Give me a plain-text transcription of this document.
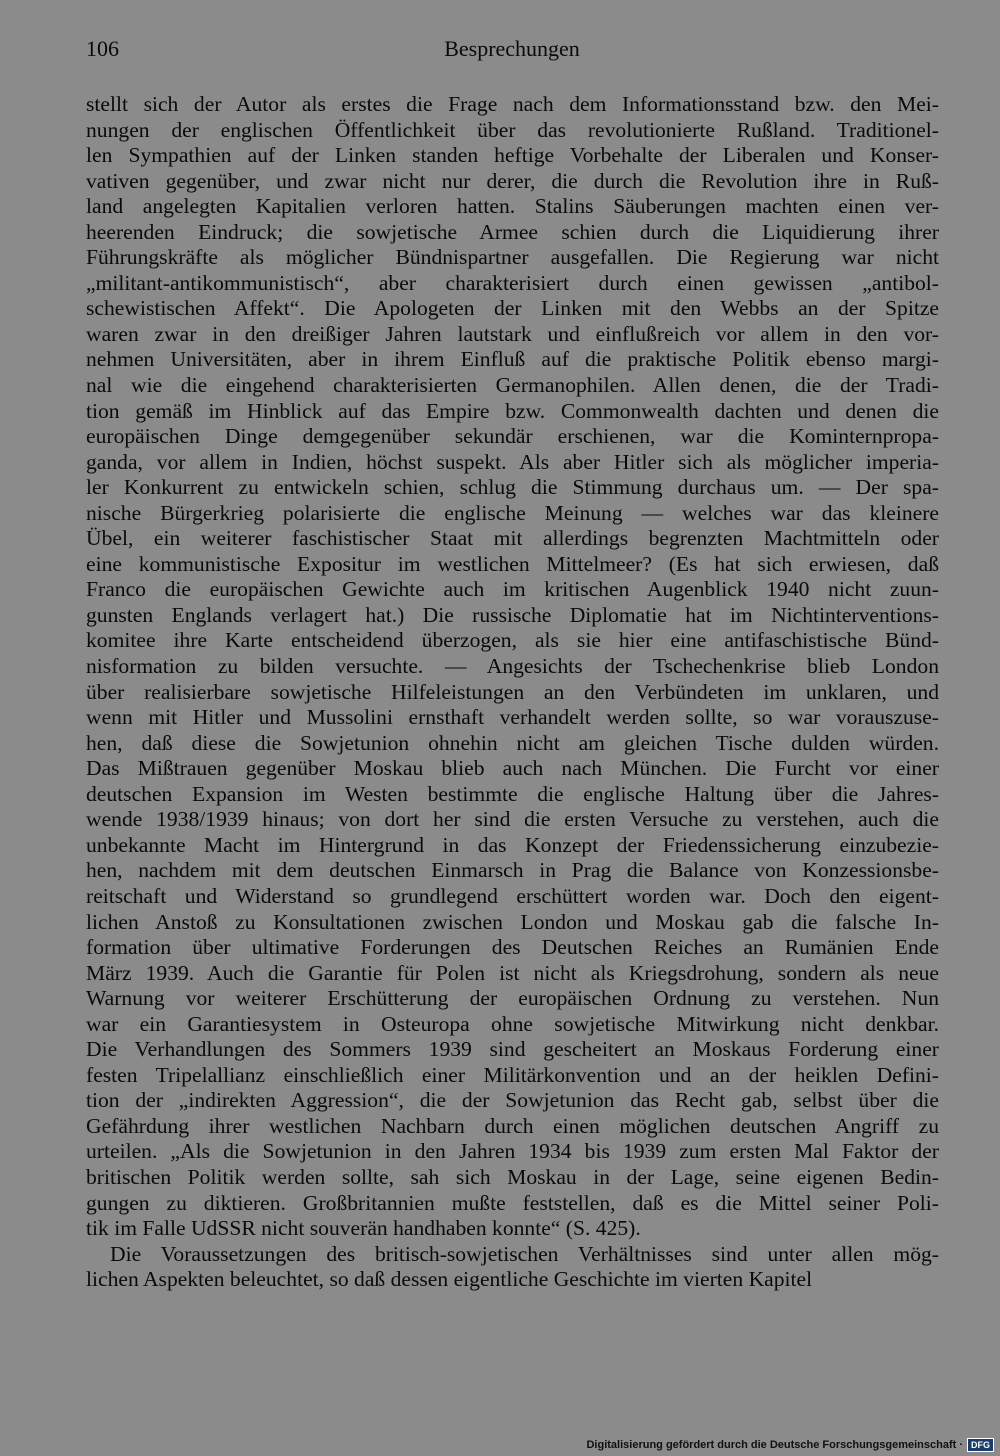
106	Besprechungen
stellt sich der Autor als erstes die Frage nach dem Informationsstand bzw. den Mei-
nungen der englischen Öffentlichkeit über das revolutionierte Rußland. Traditionel-
len Sympathien auf der Linken standen heftige Vorbehalte der Liberalen und Konser-
vativen gegenüber, und zwar nicht nur derer, die durch die Revolution ihre in Ruß-
land angelegten Kapitalien verloren hatten. Stalins Säuberungen machten einen ver-
heerenden Eindruck; die sowjetische Armee schien durch die Liquidierung ihrer
Führungskräfte als möglicher Bündnispartner ausgefallen. Die Regierung war nicht
„militant-antikommunistisch“, aber charakterisiert durch einen gewissen „antibol-
schewistischen Affekt“. Die Apologeten der Linken mit den Webbs an der Spitze
waren zwar in den dreißiger Jahren lautstark und einflußreich vor allem in den vor-
nehmen Universitäten, aber in ihrem Einfluß auf die praktische Politik ebenso margi-
nal wie die eingehend charakterisierten Germanophilen. Allen denen, die der Tradi-
tion gemäß im Hinblick auf das Empire bzw. Commonwealth dachten und denen die
europäischen Dinge demgegenüber sekundär erschienen, war die Kominternpropa-
ganda, vor allem in Indien, höchst suspekt. Als aber Hitler sich als möglicher imperia-
ler Konkurrent zu entwickeln schien, schlug die Stimmung durchaus um. — Der spa-
nische Bürgerkrieg polarisierte die englische Meinung — welches war das kleinere
Übel, ein weiterer faschistischer Staat mit allerdings begrenzten Machtmitteln oder
eine kommunistische Expositur im westlichen Mittelmeer? (Es hat sich erwiesen, daß
Franco die europäischen Gewichte auch im kritischen Augenblick 1940 nicht zuun-
gunsten Englands verlagert hat.) Die russische Diplomatie hat im Nichtinterventions-
komitee ihre Karte entscheidend überzogen, als sie hier eine antifaschistische Bünd-
nisformation zu bilden versuchte. — Angesichts der Tschechenkrise blieb London
über realisierbare sowjetische Hilfeleistungen an den Verbündeten im unklaren, und
wenn mit Hitler und Mussolini ernsthaft verhandelt werden sollte, so war vorauszuse-
hen, daß diese die Sowjetunion ohnehin nicht am gleichen Tische dulden würden.
Das Mißtrauen gegenüber Moskau blieb auch nach München. Die Furcht vor einer
deutschen Expansion im Westen bestimmte die englische Haltung über die Jahres-
wende 1938/1939 hinaus; von dort her sind die ersten Versuche zu verstehen, auch die
unbekannte Macht im Hintergrund in das Konzept der Friedenssicherung einzubezie-
hen, nachdem mit dem deutschen Einmarsch in Prag die Balance von Konzessionsbe-
reitschaft und Widerstand so grundlegend erschüttert worden war. Doch den eigent-
lichen Anstoß zu Konsultationen zwischen London und Moskau gab die falsche In-
formation über ultimative Forderungen des Deutschen Reiches an Rumänien Ende
März 1939. Auch die Garantie für Polen ist nicht als Kriegsdrohung, sondern als neue
Warnung vor weiterer Erschütterung der europäischen Ordnung zu verstehen. Nun
war ein Garantiesystem in Osteuropa ohne sowjetische Mitwirkung nicht denkbar.
Die Verhandlungen des Sommers 1939 sind gescheitert an Moskaus Forderung einer
festen Tripelallianz einschließlich einer Militärkonvention und an der heiklen Defini-
tion der „indirekten Aggression“, die der Sowjetunion das Recht gab, selbst über die
Gefährdung ihrer westlichen Nachbarn durch einen möglichen deutschen Angriff zu
urteilen. „Als die Sowjetunion in den Jahren 1934 bis 1939 zum ersten Mal Faktor der
britischen Politik werden sollte, sah sich Moskau in der Lage, seine eigenen Bedin-
gungen zu diktieren. Großbritannien mußte feststellen, daß es die Mittel seiner Poli-
tik im Falle UdSSR nicht souverän handhaben konnte“ (S. 425).
Die Voraussetzungen des britisch-sowjetischen Verhältnisses sind unter allen mög-
lichen Aspekten beleuchtet, so daß dessen eigentliche Geschichte im vierten Kapitel
Digitalisierung gefördert durch die Deutsche Forschungsgemeinschaft · DFG
